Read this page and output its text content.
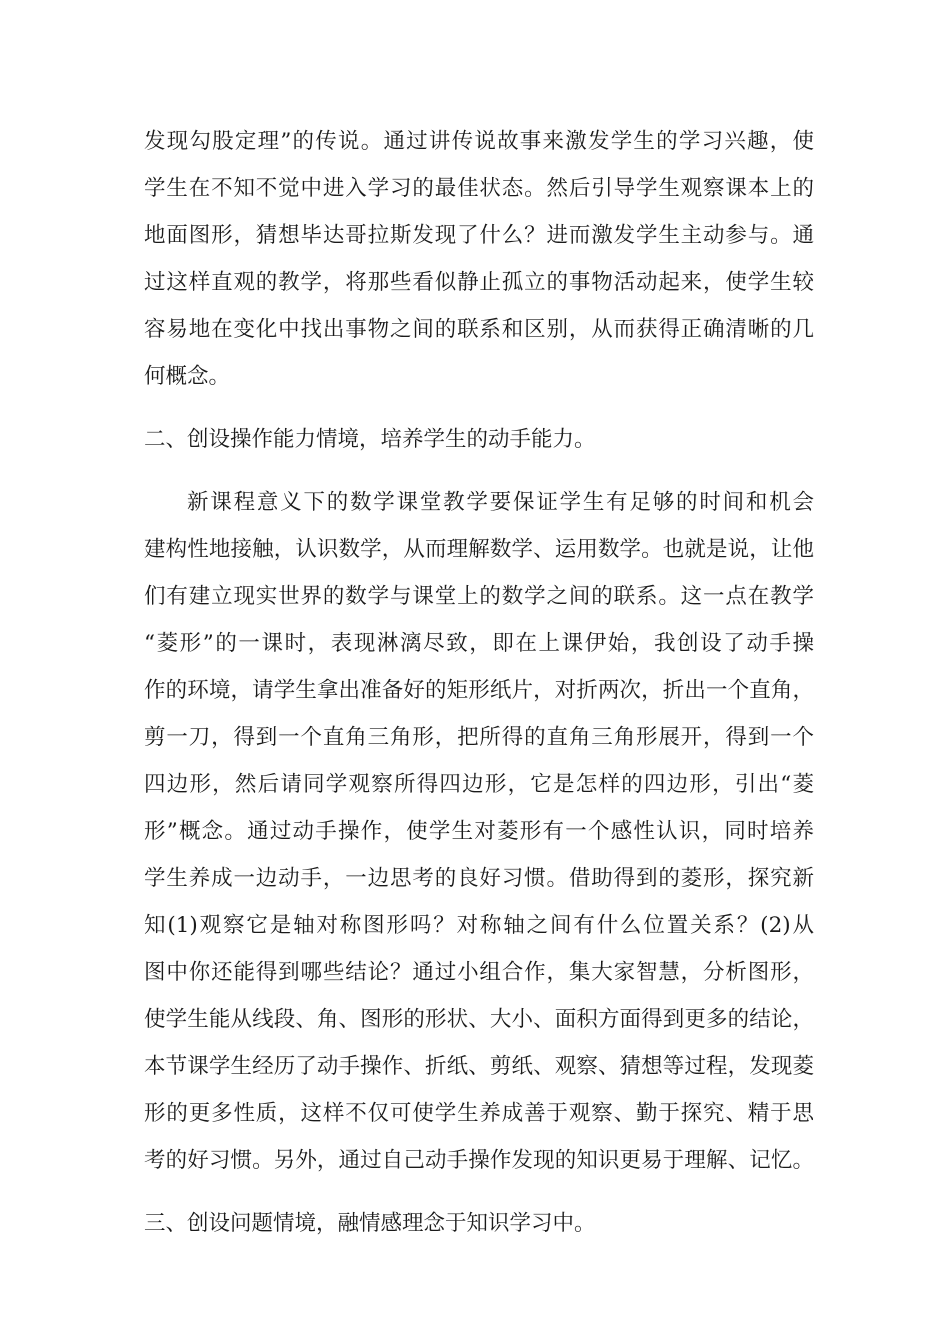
发现勾股定理”的传说。通过讲传说故事来激发学生的学习兴趣，使
学生在不知不觉中进入学习的最佳状态。然后引导学生观察课本上的
地面图形，猜想毕达哥拉斯发现了什么？进而激发学生主动参与。通
过这样直观的教学，将那些看似静止孤立的事物活动起来，使学生较
容易地在变化中找出事物之间的联系和区别，从而获得正确清晰的几
何概念。
二、创设操作能力情境，培养学生的动手能力。
新课程意义下的数学课堂教学要保证学生有足够的时间和机会
建构性地接触，认识数学，从而理解数学、运用数学。也就是说，让他
们有建立现实世界的数学与课堂上的数学之间的联系。这一点在教学
“菱形”的一课时，表现淋漓尽致，即在上课伊始，我创设了动手操
作的环境，请学生拿出准备好的矩形纸片，对折两次，折出一个直角，
剪一刀，得到一个直角三角形，把所得的直角三角形展开，得到一个
四边形，然后请同学观察所得四边形，它是怎样的四边形，引出“菱
形”概念。通过动手操作，使学生对菱形有一个感性认识，同时培养
学生养成一边动手，一边思考的良好习惯。借助得到的菱形，探究新
知(1)观察它是轴对称图形吗？对称轴之间有什么位置关系？(2)从
图中你还能得到哪些结论？通过小组合作，集大家智慧，分析图形，
使学生能从线段、角、图形的形状、大小、面积方面得到更多的结论，
本节课学生经历了动手操作、折纸、剪纸、观察、猜想等过程，发现菱
形的更多性质，这样不仅可使学生养成善于观察、勤于探究、精于思
考的好习惯。另外，通过自己动手操作发现的知识更易于理解、记忆。
三、创设问题情境，融情感理念于知识学习中。
